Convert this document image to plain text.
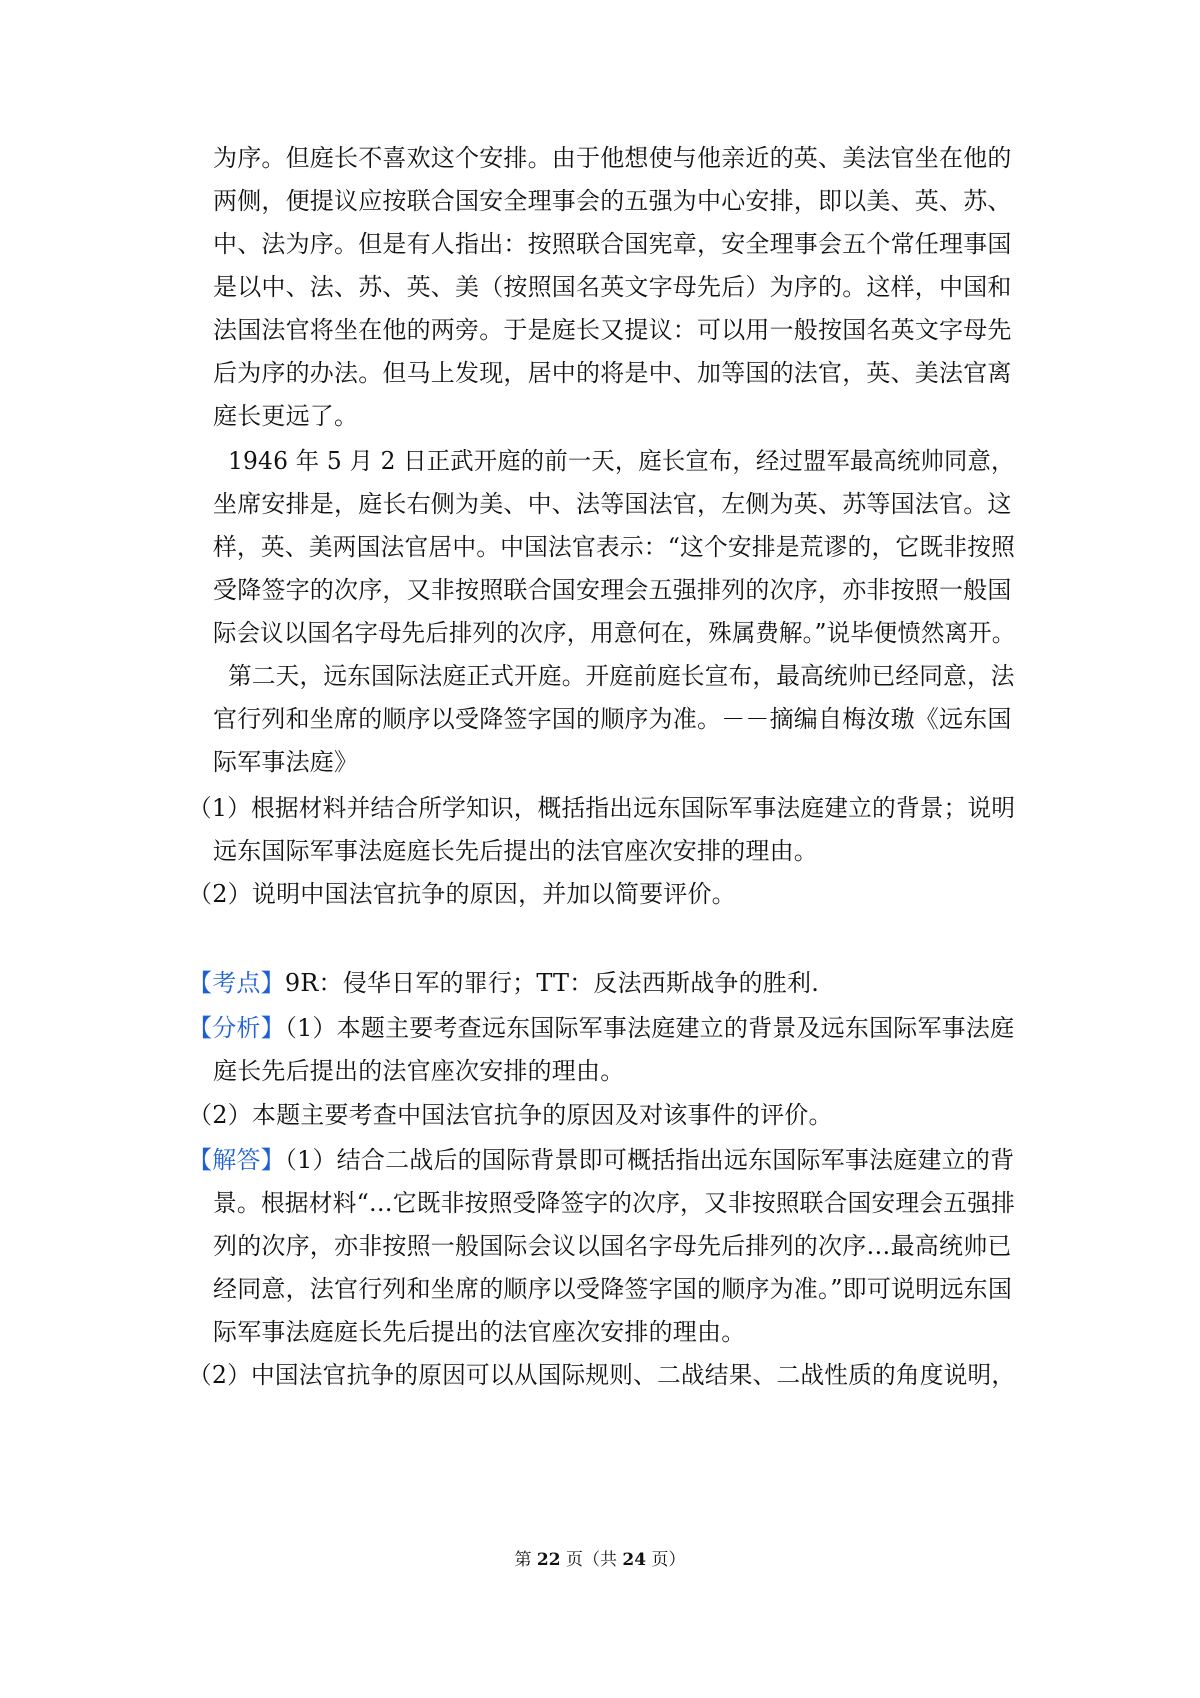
为序。但庭长不喜欢这个安排。由于他想使与他亲近的英、美法官坐在他的
两侧，便提议应按联合国安全理事会的五强为中心安排，即以美、英、苏、
中、法为序。但是有人指出：按照联合国宪章，安全理事会五个常任理事国
是以中、法、苏、英、美（按照国名英文字母先后）为序的。这样，中国和
法国法官将坐在他的两旁。于是庭长又提议：可以用一般按国名英文字母先
后为序的办法。但马上发现，居中的将是中、加等国的法官，英、美法官离
庭长更远了。
1946 年 5 月 2 日正武开庭的前一天，庭长宣布，经过盟军最高统帅同意，
坐席安排是，庭长右侧为美、中、法等国法官，左侧为英、苏等国法官。这
样，英、美两国法官居中。中国法官表示：“这个安排是荒谬的，它既非按照
受降签字的次序，又非按照联合国安理会五强排列的次序，亦非按照一般国
际会议以国名字母先后排列的次序，用意何在，殊属费解。”说毕便愤然离开。
第二天，远东国际法庭正式开庭。开庭前庭长宣布，最高统帅已经同意，法
官行列和坐席的顺序以受降签字国的顺序为准。－－摘编自梅汝璈《远东国
际军事法庭》
（1）根据材料并结合所学知识，概括指出远东国际军事法庭建立的背景；说明
远东国际军事法庭庭长先后提出的法官座次安排的理由。
（2）说明中国法官抗争的原因，并加以简要评价。
【考点】9R：侵华日军的罪行；TT：反法西斯战争的胜利.
【分析】（1）本题主要考查远东国际军事法庭建立的背景及远东国际军事法庭
庭长先后提出的法官座次安排的理由。
（2）本题主要考查中国法官抗争的原因及对该事件的评价。
【解答】（1）结合二战后的国际背景即可概括指出远东国际军事法庭建立的背
景。根据材料“…它既非按照受降签字的次序，又非按照联合国安理会五强排
列的次序，亦非按照一般国际会议以国名字母先后排列的次序…最高统帅已
经同意，法官行列和坐席的顺序以受降签字国的顺序为准。”即可说明远东国
际军事法庭庭长先后提出的法官座次安排的理由。
（2）中国法官抗争的原因可以从国际规则、二战结果、二战性质的角度说明，
第 22 页（共 24 页）
